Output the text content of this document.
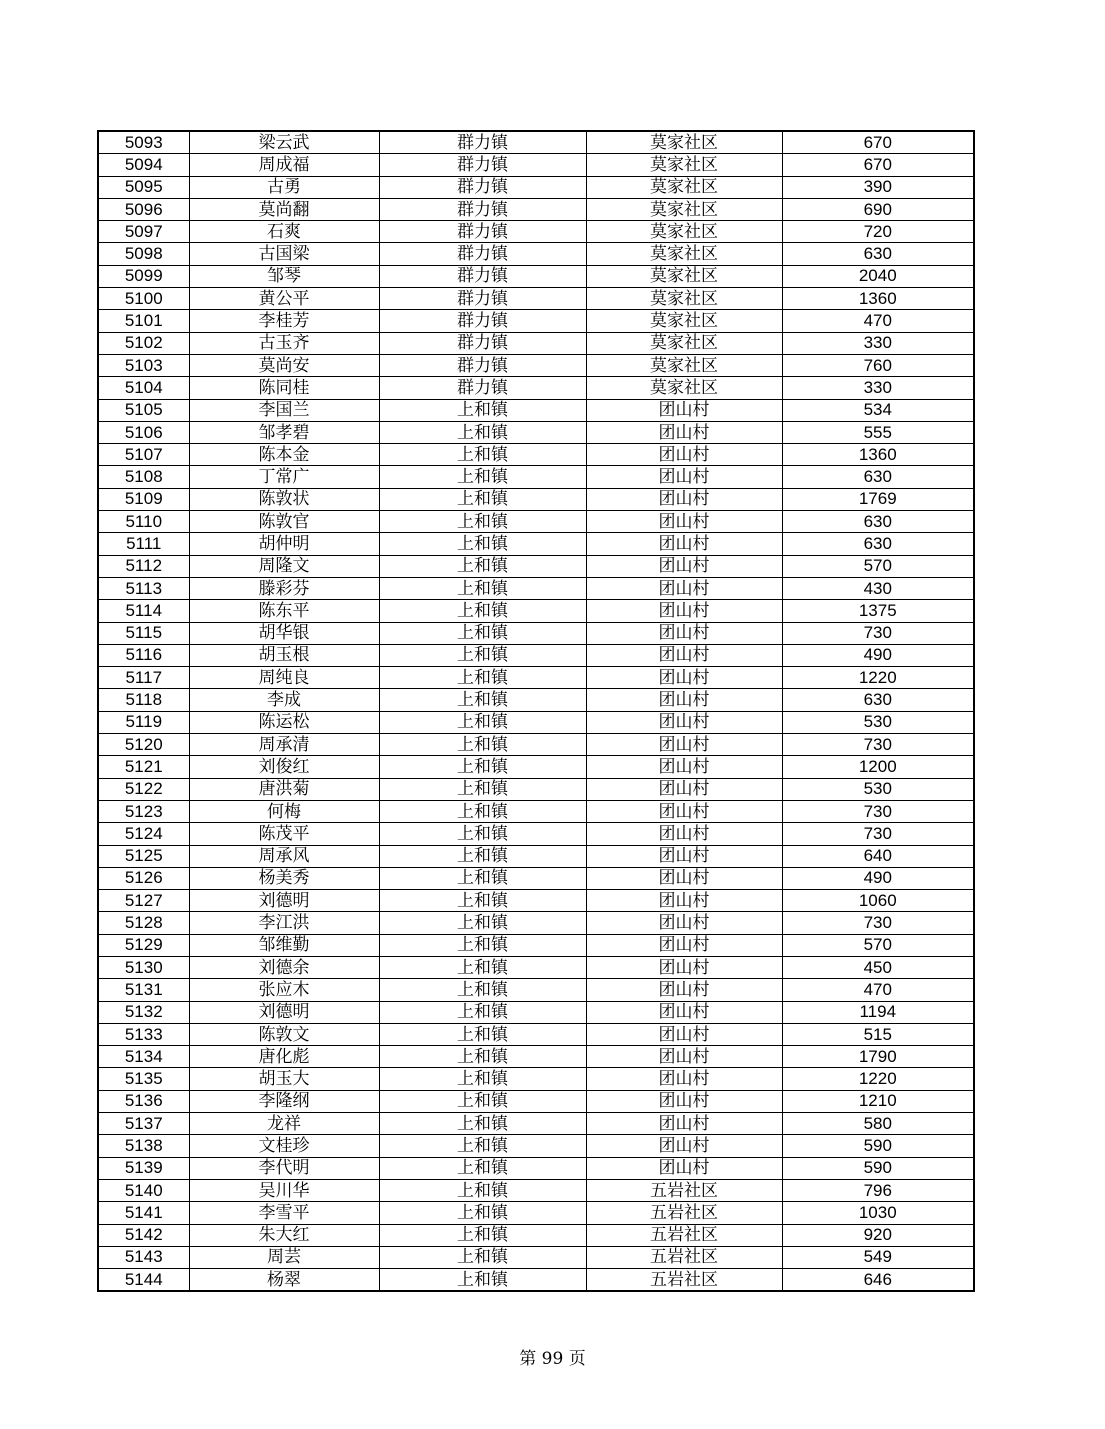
5093	梁云武	群力镇	莫家社区	670
5094	周成福	群力镇	莫家社区	670
5095	古勇	群力镇	莫家社区	390
5096	莫尚翻	群力镇	莫家社区	690
5097	石爽	群力镇	莫家社区	720
5098	古国梁	群力镇	莫家社区	630
5099	邹琴	群力镇	莫家社区	2040
5100	黄公平	群力镇	莫家社区	1360
5101	李桂芳	群力镇	莫家社区	470
5102	古玉齐	群力镇	莫家社区	330
5103	莫尚安	群力镇	莫家社区	760
5104	陈同桂	群力镇	莫家社区	330
5105	李国兰	上和镇	团山村	534
5106	邹孝碧	上和镇	团山村	555
5107	陈本金	上和镇	团山村	1360
5108	丁常广	上和镇	团山村	630
5109	陈敦状	上和镇	团山村	1769
5110	陈敦官	上和镇	团山村	630
5111	胡仲明	上和镇	团山村	630
5112	周隆文	上和镇	团山村	570
5113	滕彩芬	上和镇	团山村	430
5114	陈东平	上和镇	团山村	1375
5115	胡华银	上和镇	团山村	730
5116	胡玉根	上和镇	团山村	490
5117	周纯良	上和镇	团山村	1220
5118	李成	上和镇	团山村	630
5119	陈运松	上和镇	团山村	530
5120	周承清	上和镇	团山村	730
5121	刘俊红	上和镇	团山村	1200
5122	唐洪菊	上和镇	团山村	530
5123	何梅	上和镇	团山村	730
5124	陈茂平	上和镇	团山村	730
5125	周承风	上和镇	团山村	640
5126	杨美秀	上和镇	团山村	490
5127	刘德明	上和镇	团山村	1060
5128	李江洪	上和镇	团山村	730
5129	邹维勤	上和镇	团山村	570
5130	刘德余	上和镇	团山村	450
5131	张应木	上和镇	团山村	470
5132	刘德明	上和镇	团山村	1194
5133	陈敦文	上和镇	团山村	515
5134	唐化彪	上和镇	团山村	1790
5135	胡玉大	上和镇	团山村	1220
5136	李隆纲	上和镇	团山村	1210
5137	龙祥	上和镇	团山村	580
5138	文桂珍	上和镇	团山村	590
5139	李代明	上和镇	团山村	590
5140	吴川华	上和镇	五岩社区	796
5141	李雪平	上和镇	五岩社区	1030
5142	朱大红	上和镇	五岩社区	920
5143	周芸	上和镇	五岩社区	549
5144	杨翠	上和镇	五岩社区	646
第 99 页
